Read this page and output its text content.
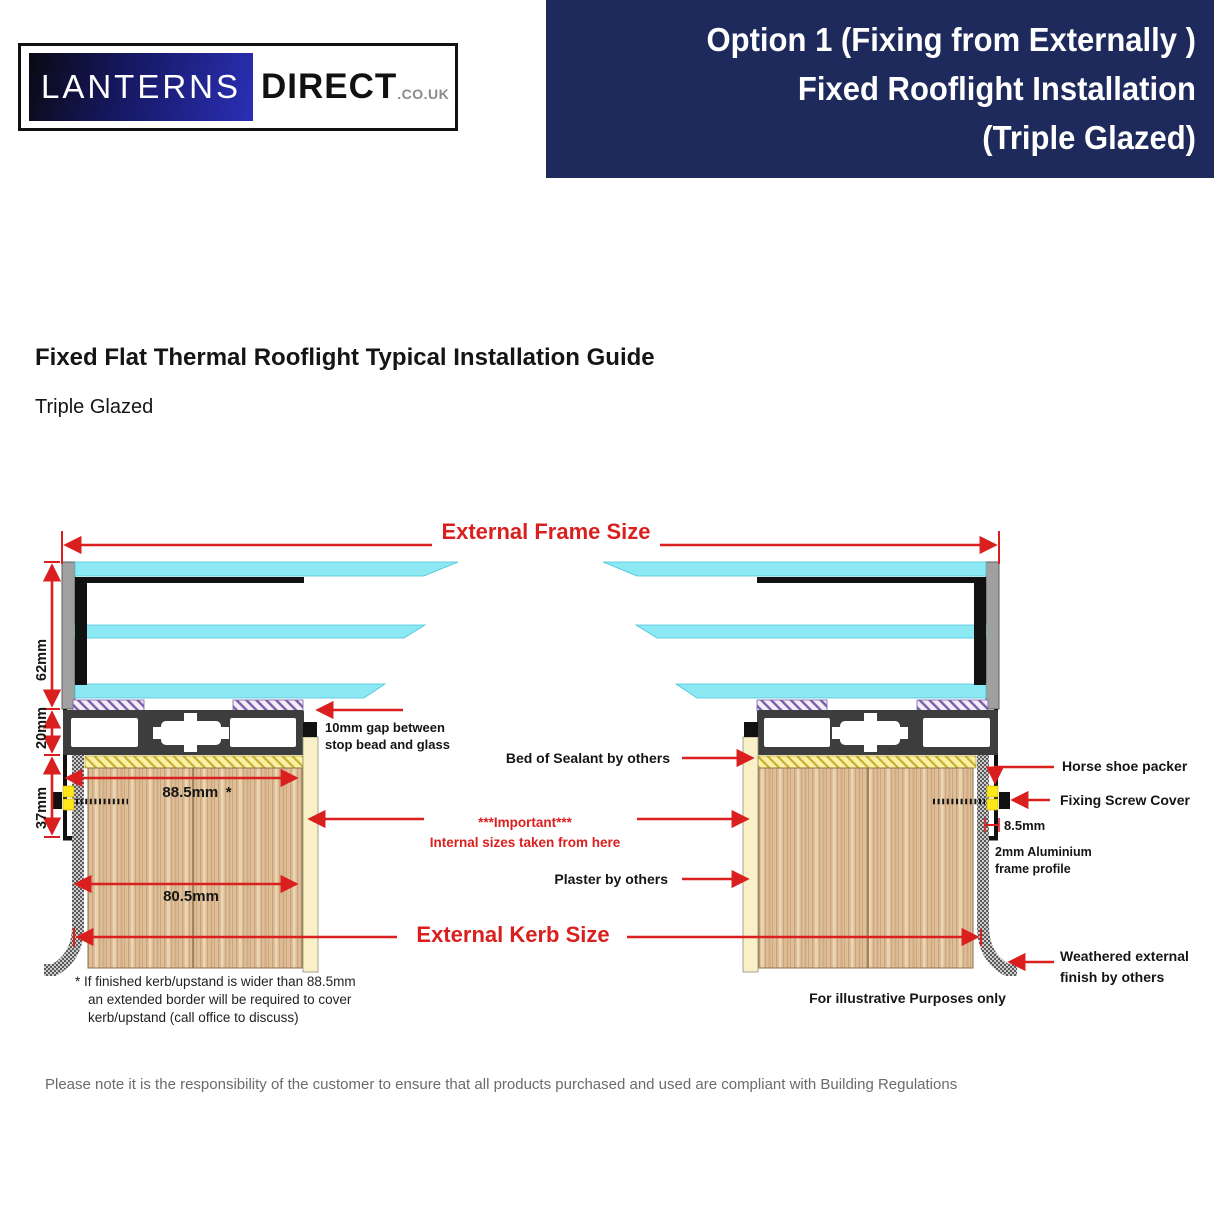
LANTERNS DIRECT .CO.UK
Option 1 (Fixing from Externally )
Fixed Rooflight Installation
(Triple Glazed)
Fixed Flat Thermal Rooflight Typical Installation Guide
Triple Glazed
External Frame Size
External Kerb Size
62mm
20mm
37mm	88.5mm *
80.5mm
10mm gap between
stop bead and glass
Bed of Sealant by others
***Important***
Internal sizes taken from here
Plaster by others
Horse shoe packer
Fixing Screw Cover
8.5mm
2mm Aluminium
frame profile
Weathered external
finish by others
For illustrative Purposes only
* If finished kerb/upstand is wider than 88.5mm
an extended border will be required to cover
kerb/upstand (call office to discuss)
Please note it is the responsibility of the customer to ensure that all products purchased and used are compliant with Building Regulations
